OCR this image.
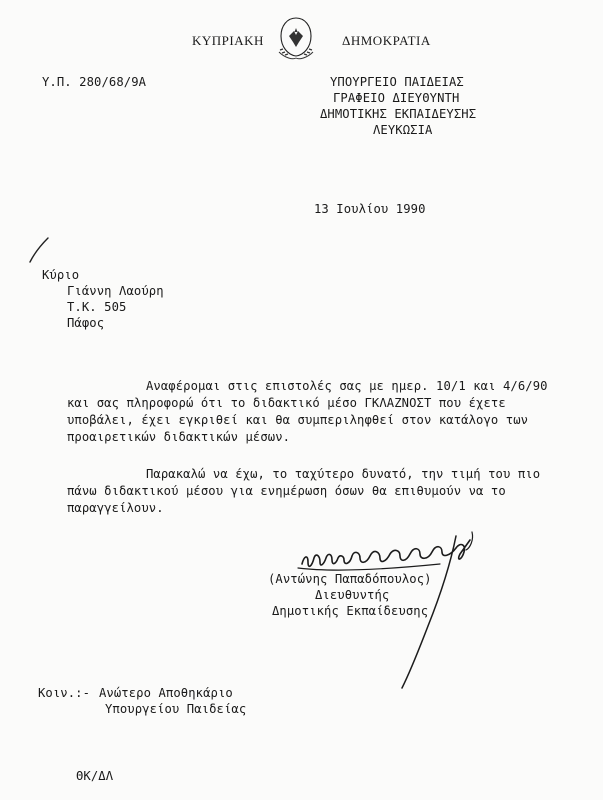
ΚΥΠΡΙΑΚΗ	ΔΗΜΟΚΡΑΤΙΑ
Υ.Π. 280/68/9Α	ΥΠΟΥΡΓΕΙΟ ΠΑΙΔΕΙΑΣ
ΓΡΑΦΕΙΟ ΔΙΕΥΘΥΝΤΗ
ΔΗΜΟΤΙΚΗΣ ΕΚΠΑΙΔΕΥΣΗΣ
ΛΕΥΚΩΣΙΑ
13 Ιουλίου 1990
Κύριο
Γιάννη Λαούρη
Τ.Κ. 505
Πάφος
Αναφέρομαι στις επιστολές σας με ημερ. 10/1 και 4/6/90
και σας πληροφορώ ότι το διδακτικό μέσο ΓΚΛΑΖΝΟΣΤ που έχετε
υποβάλει, έχει εγκριθεί και θα συμπεριληφθεί στον κατάλογο των
προαιρετικών διδακτικών μέσων.
Παρακαλώ να έχω, το ταχύτερο δυνατό, την τιμή του πιο
πάνω διδακτικού μέσου για ενημέρωση όσων θα επιθυμούν να το
παραγγείλουν.
(Αντώνης Παπαδόπουλος)
Διευθυντής
Δημοτικής Εκπαίδευσης
Κοιν.:- Ανώτερο Αποθηκάριο
Υπουργείου Παιδείας
ΘΚ/ΔΛ
